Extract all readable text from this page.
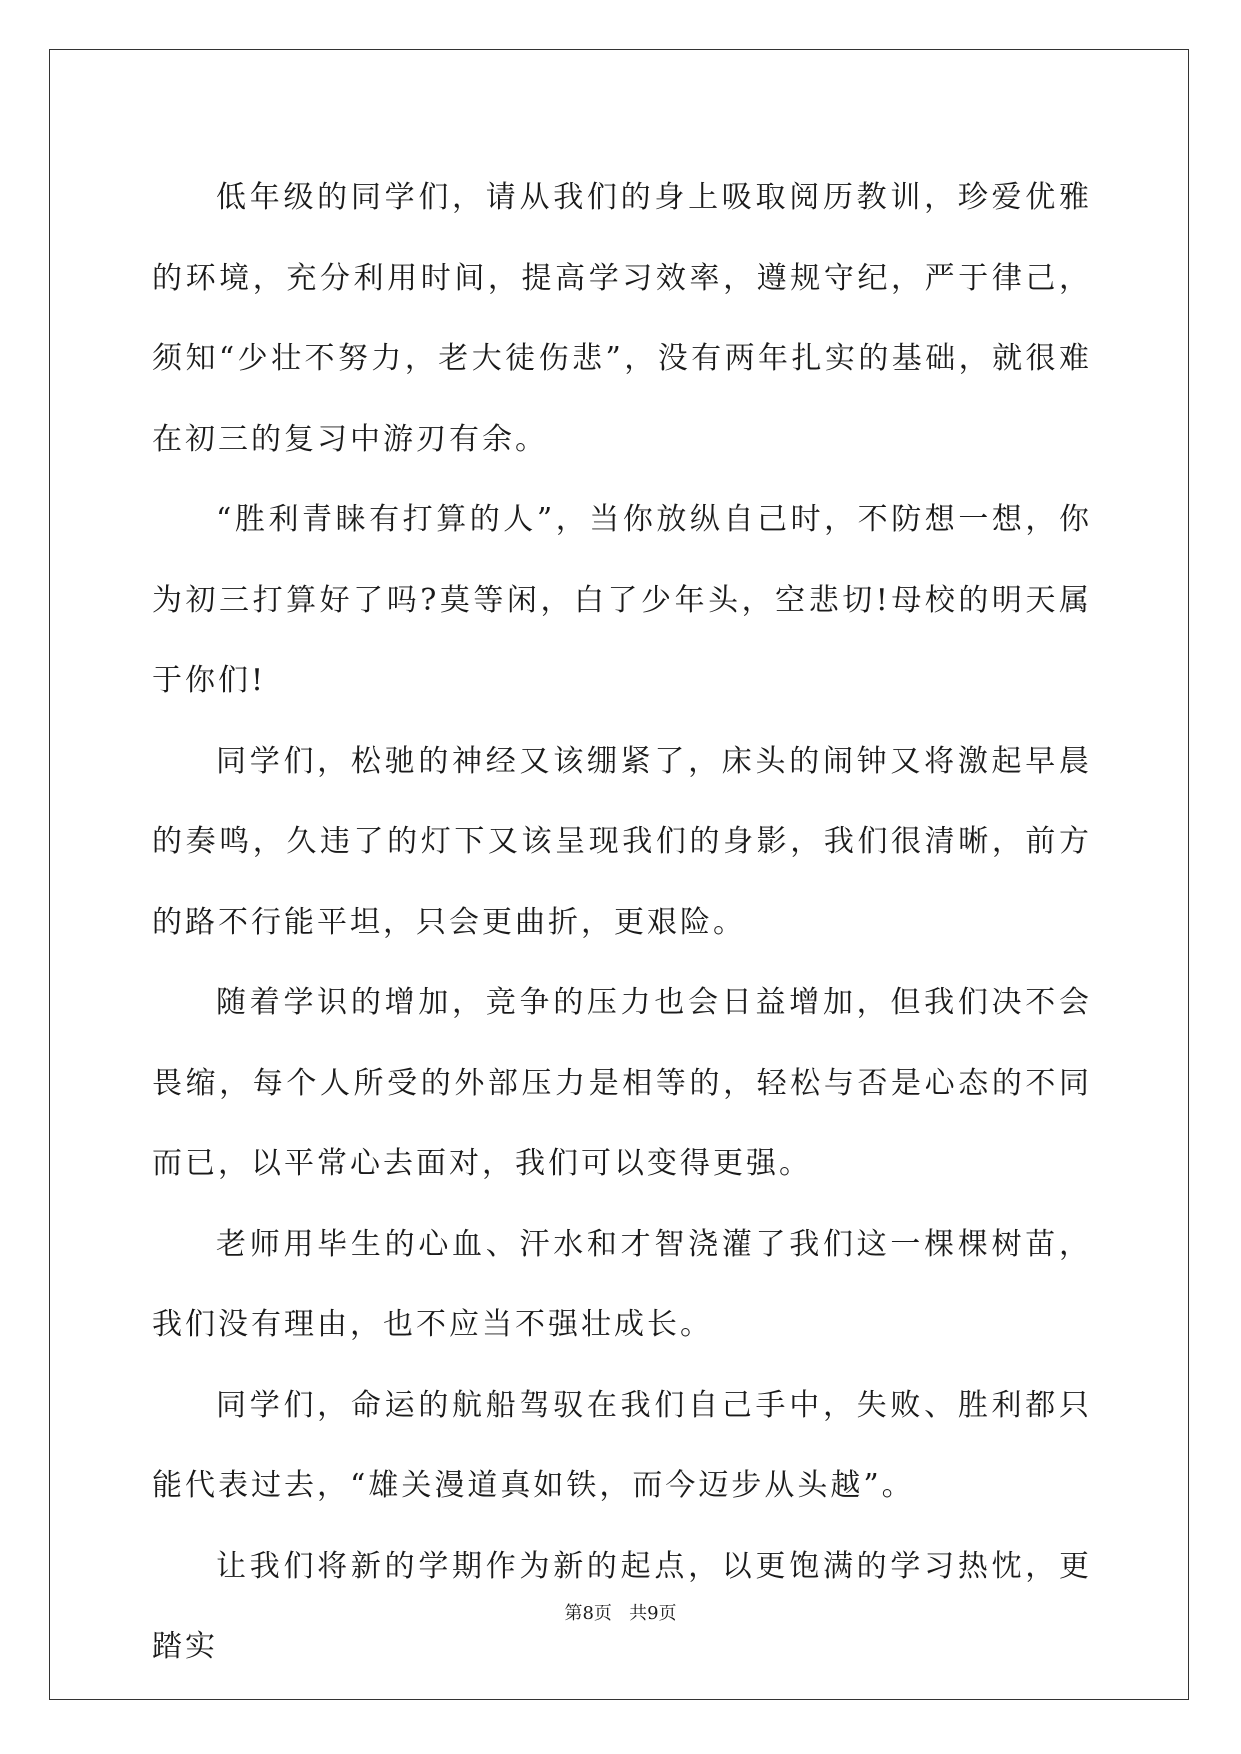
低年级的同学们，请从我们的身上吸取阅历教训，珍爱优雅的环境，充分利用时间，提高学习效率，遵规守纪，严于律己，须知“少壮不努力，老大徒伤悲”，没有两年扎实的基础，就很难在初三的复习中游刃有余。

“胜利青睐有打算的人”，当你放纵自己时，不防想一想，你为初三打算好了吗?莫等闲，白了少年头，空悲切!母校的明天属于你们!

同学们，松驰的神经又该绷紧了，床头的闹钟又将激起早晨的奏鸣，久违了的灯下又该呈现我们的身影，我们很清晰，前方的路不行能平坦，只会更曲折，更艰险。

随着学识的增加，竞争的压力也会日益增加，但我们决不会畏缩，每个人所受的外部压力是相等的，轻松与否是心态的不同而已，以平常心去面对，我们可以变得更强。

老师用毕生的心血、汗水和才智浇灌了我们这一棵棵树苗，我们没有理由，也不应当不强壮成长。

同学们，命运的航船驾驭在我们自己手中，失败、胜利都只能代表过去，“雄关漫道真如铁，而今迈步从头越”。

让我们将新的学期作为新的起点，以更饱满的学习热忱，更踏实

第8页   共9页
